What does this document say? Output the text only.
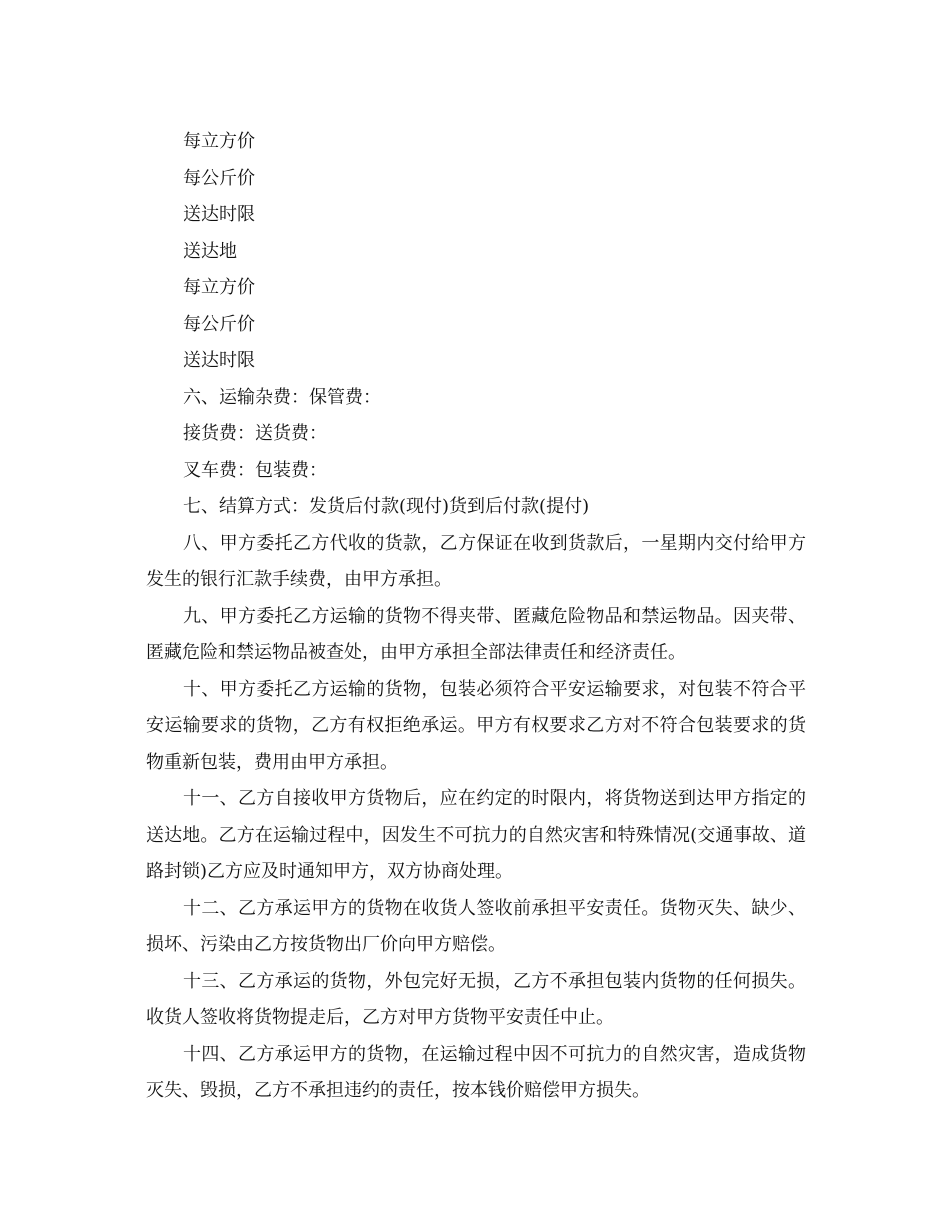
每立方价

每公斤价

送达时限

送达地

每立方价

每公斤价

送达时限

六、运输杂费：保管费：

接货费：送货费：

叉车费：包装费：

七、结算方式：发货后付款(现付)货到后付款(提付)

八、甲方委托乙方代收的货款，乙方保证在收到货款后，一星期内交付给甲方发生的银行汇款手续费，由甲方承担。

九、甲方委托乙方运输的货物不得夹带、匿藏危险物品和禁运物品。因夹带、匿藏危险和禁运物品被查处，由甲方承担全部法律责任和经济责任。

十、甲方委托乙方运输的货物，包装必须符合平安运输要求，对包装不符合平安运输要求的货物，乙方有权拒绝承运。甲方有权要求乙方对不符合包装要求的货物重新包装，费用由甲方承担。

十一、乙方自接收甲方货物后，应在约定的时限内，将货物送到达甲方指定的送达地。乙方在运输过程中，因发生不可抗力的自然灾害和特殊情况(交通事故、道路封锁)乙方应及时通知甲方，双方协商处理。

十二、乙方承运甲方的货物在收货人签收前承担平安责任。货物灭失、缺少、损坏、污染由乙方按货物出厂价向甲方赔偿。

十三、乙方承运的货物，外包完好无损，乙方不承担包装内货物的任何损失。收货人签收将货物提走后，乙方对甲方货物平安责任中止。

十四、乙方承运甲方的货物，在运输过程中因不可抗力的自然灾害，造成货物灭失、毁损，乙方不承担违约的责任，按本钱价赔偿甲方损失。
